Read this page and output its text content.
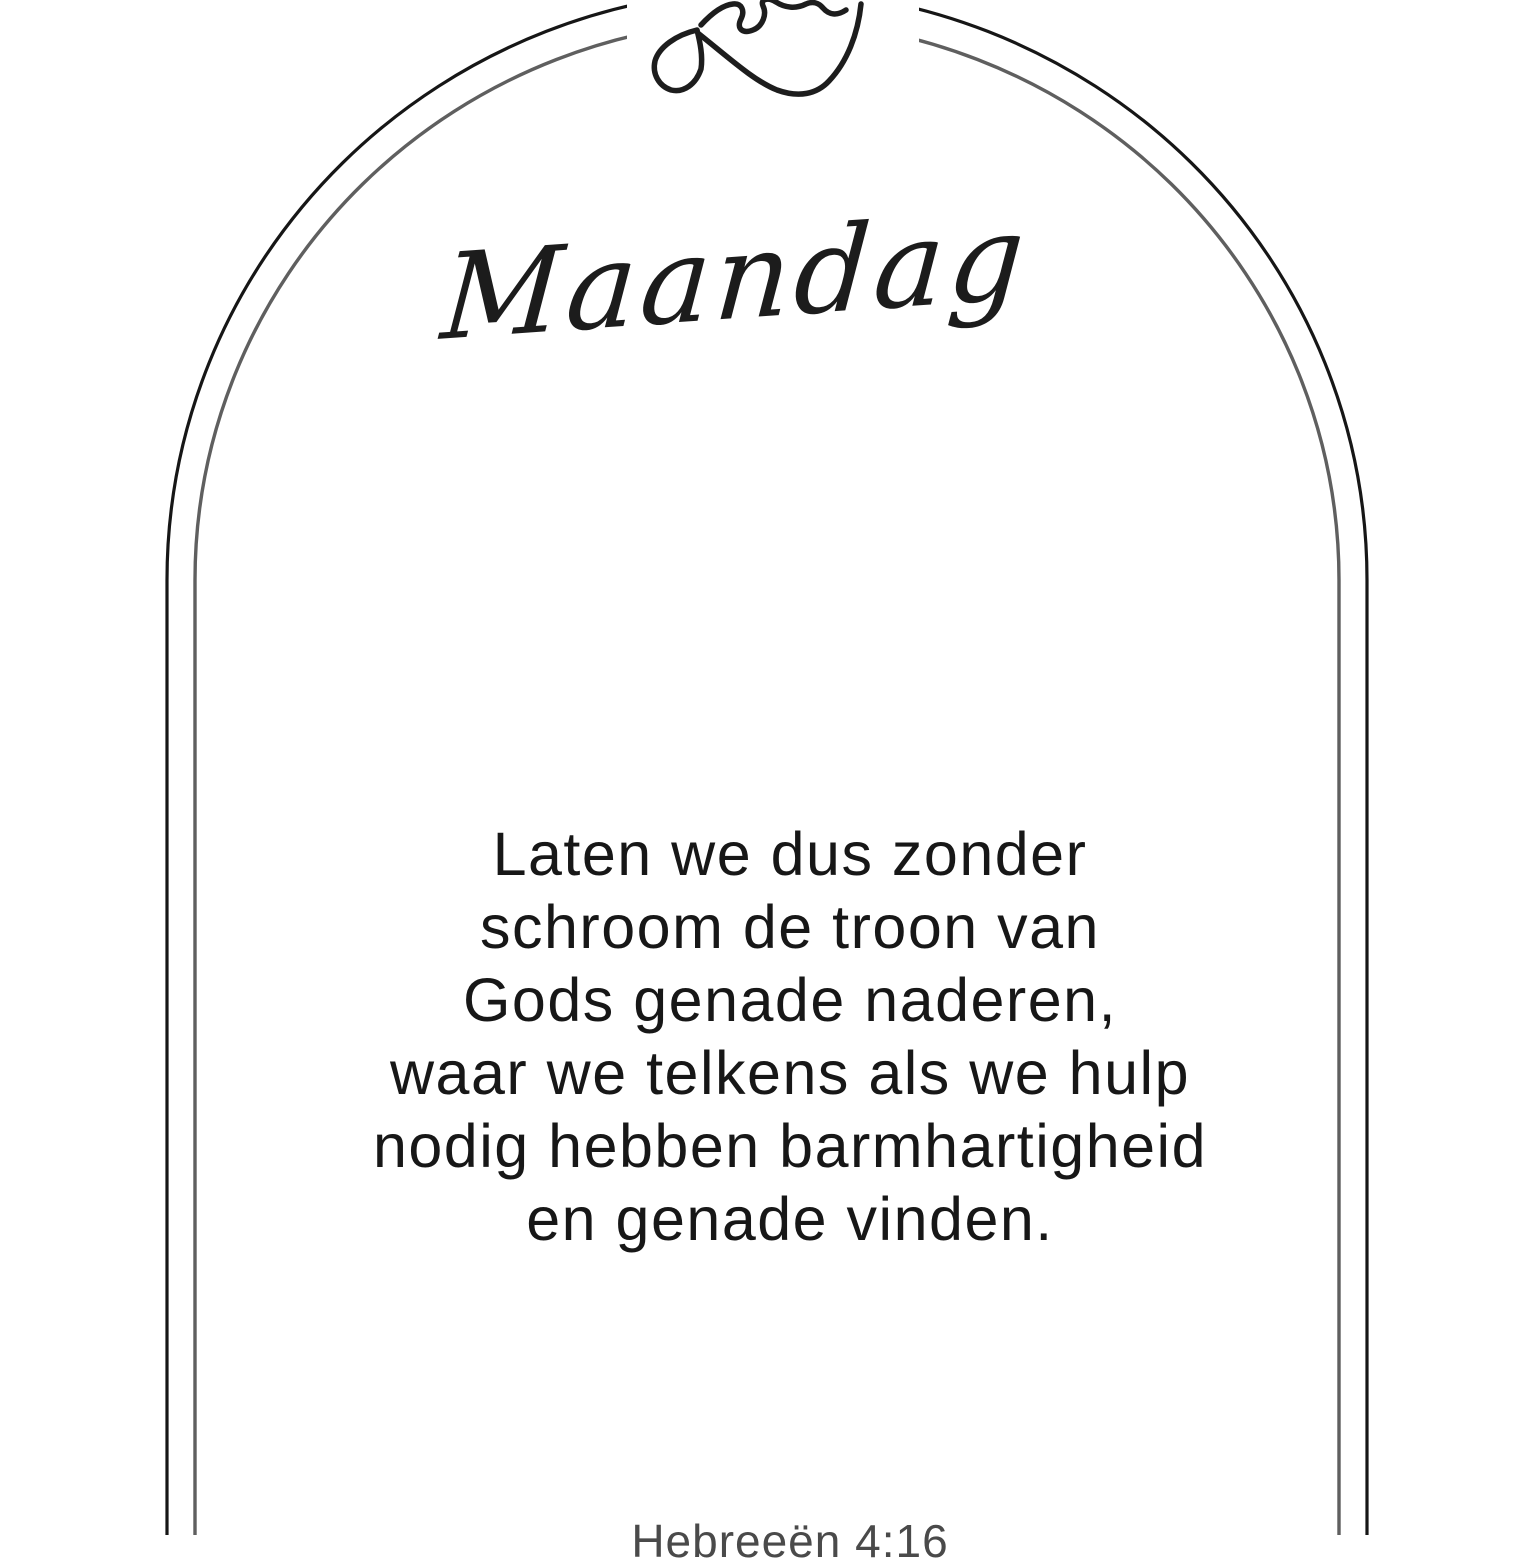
Maandag
Laten we dus zonder
schroom de troon van
Gods genade naderen,
waar we telkens als we hulp
nodig hebben barmhartigheid
en genade vinden.
Hebreeën 4:16
